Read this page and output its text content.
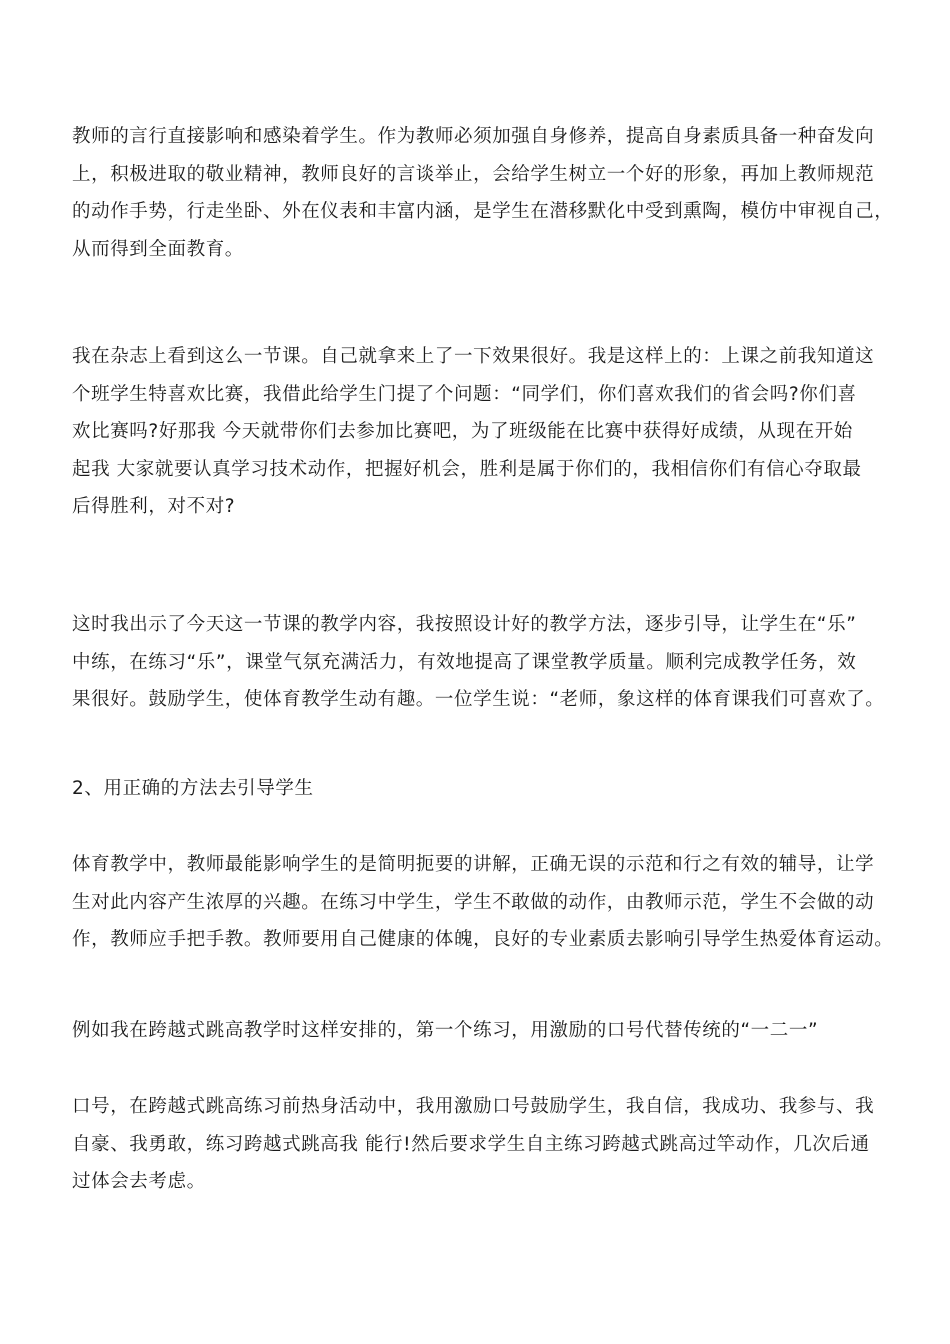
教师的言行直接影响和感染着学生。作为教师必须加强自身修养，提高自身素质具备一种奋发向
上，积极进取的敬业精神，教师良好的言谈举止，会给学生树立一个好的形象，再加上教师规范
的动作手势，行走坐卧、外在仪表和丰富内涵，是学生在潜移默化中受到熏陶，模仿中审视自己，
从而得到全面教育。

我在杂志上看到这么一节课。自己就拿来上了一下效果很好。我是这样上的：上课之前我知道这
个班学生特喜欢比赛，我借此给学生门提了个问题：“同学们，你们喜欢我们的省会吗?你们喜
欢比赛吗?好那我 今天就带你们去参加比赛吧，为了班级能在比赛中获得好成绩，从现在开始
起我 大家就要认真学习技术动作，把握好机会，胜利是属于你们的，我相信你们有信心夺取最
后得胜利，对不对?

这时我出示了今天这一节课的教学内容，我按照设计好的教学方法，逐步引导，让学生在“乐”
中练，在练习“乐”，课堂气氛充满活力，有效地提高了课堂教学质量。顺利完成教学任务，效
果很好。鼓励学生，使体育教学生动有趣。一位学生说：“老师，象这样的体育课我们可喜欢了。

2、用正确的方法去引导学生

体育教学中，教师最能影响学生的是简明扼要的讲解，正确无误的示范和行之有效的辅导，让学
生对此内容产生浓厚的兴趣。在练习中学生，学生不敢做的动作，由教师示范，学生不会做的动
作，教师应手把手教。教师要用自己健康的体魄，良好的专业素质去影响引导学生热爱体育运动。

例如我在跨越式跳高教学时这样安排的，第一个练习，用激励的口号代替传统的“一二一”

口号，在跨越式跳高练习前热身活动中，我用激励口号鼓励学生，我自信，我成功、我参与、我
自豪、我勇敢，练习跨越式跳高我 能行!然后要求学生自主练习跨越式跳高过竿动作，几次后通
过体会去考虑。
